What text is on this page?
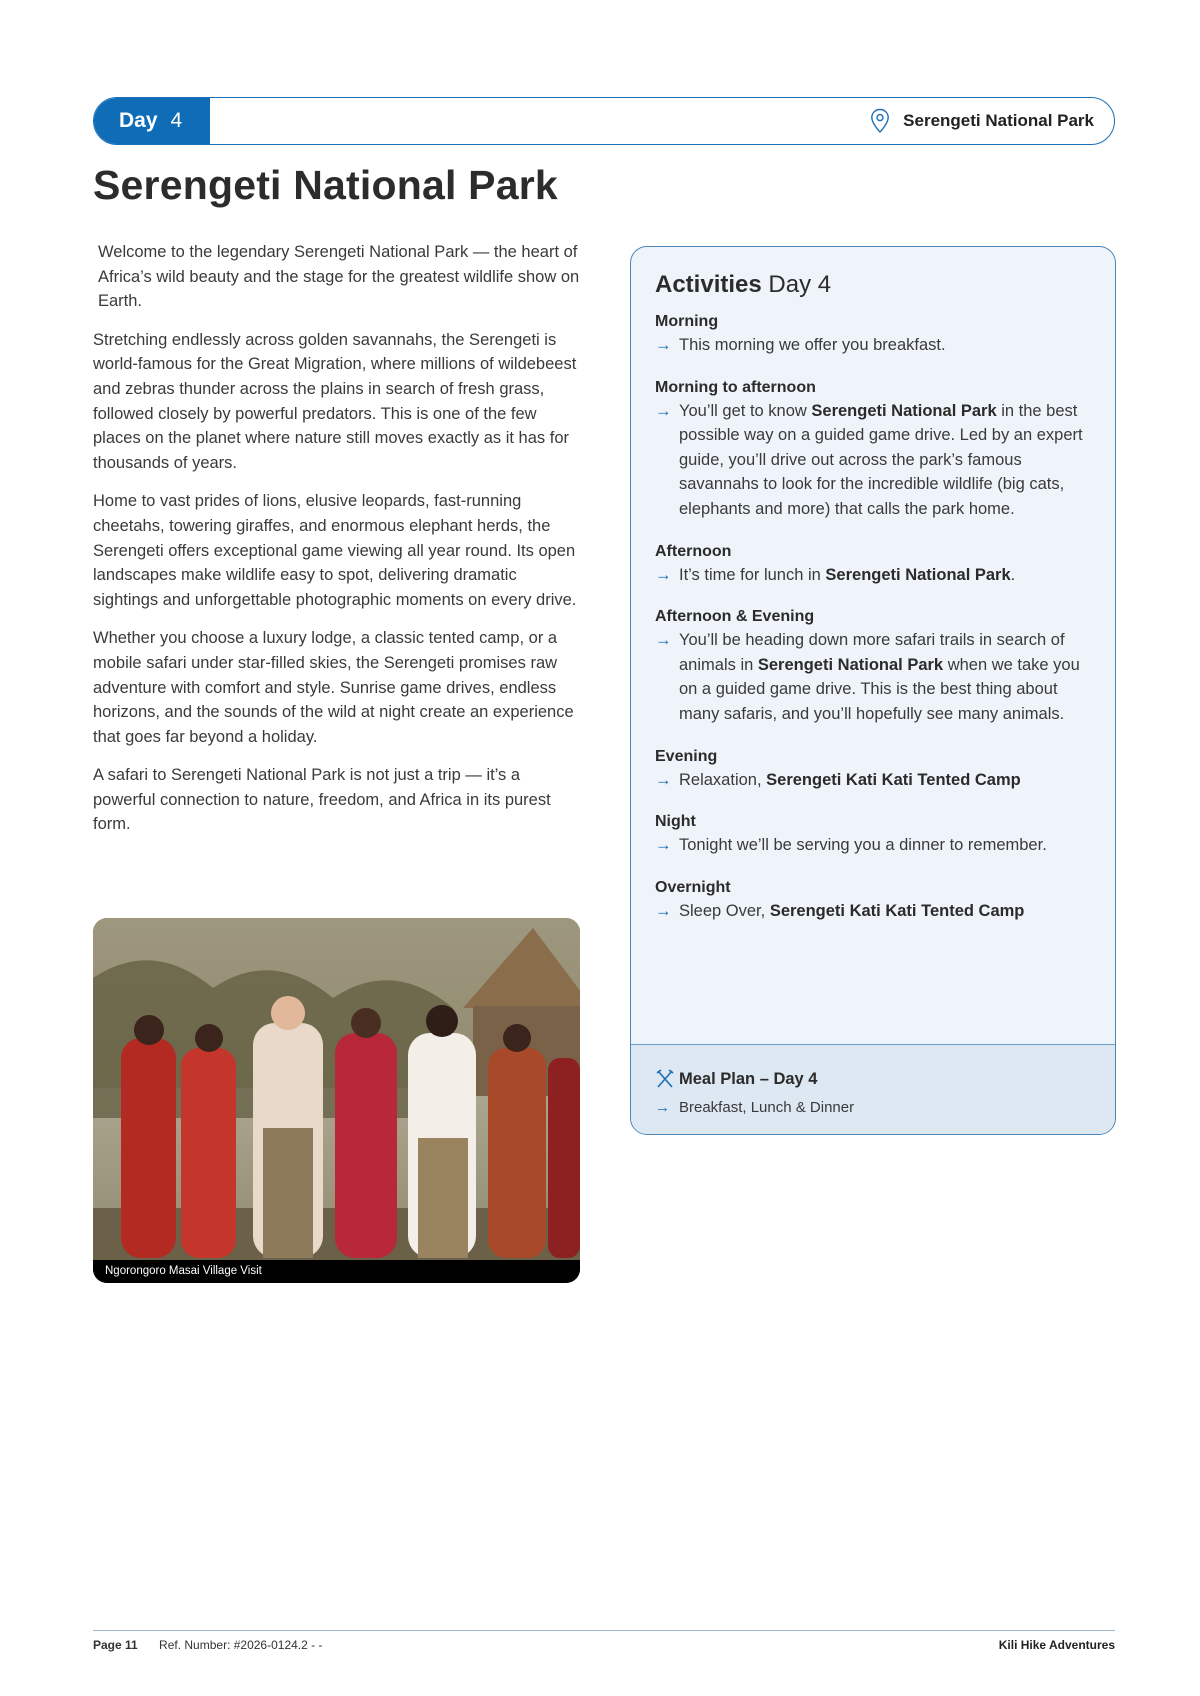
Day 4	Serengeti National Park
Serengeti National Park

Welcome to the legendary Serengeti National Park — the heart of Africa’s wild beauty and the stage for the greatest wildlife show on Earth.

Stretching endlessly across golden savannahs, the Serengeti is world-famous for the Great Migration, where millions of wildebeest and zebras thunder across the plains in search of fresh grass, followed closely by powerful predators. This is one of the few places on the planet where nature still moves exactly as it has for thousands of years.

Home to vast prides of lions, elusive leopards, fast-running cheetahs, towering giraffes, and enormous elephant herds, the Serengeti offers exceptional game viewing all year round. Its open landscapes make wildlife easy to spot, delivering dramatic sightings and unforgettable photographic moments on every drive.

Whether you choose a luxury lodge, a classic tented camp, or a mobile safari under star-filled skies, the Serengeti promises raw adventure with comfort and style. Sunrise game drives, endless horizons, and the sounds of the wild at night create an experience that goes far beyond a holiday.

A safari to Serengeti National Park is not just a trip — it’s a powerful connection to nature, freedom, and Africa in its purest form.

Ngorongoro Masai Village Visit
Activities Day 4
Morning
→ This morning we offer you breakfast.
Morning to afternoon
→ You’ll get to know Serengeti National Park in the best possible way on a guided game drive. Led by an expert guide, you’ll drive out across the park’s famous savannahs to look for the incredible wildlife (big cats, elephants and more) that calls the park home.
Afternoon
→ It’s time for lunch in Serengeti National Park.
Afternoon & Evening
→ You’ll be heading down more safari trails in search of animals in Serengeti National Park when we take you on a guided game drive. This is the best thing about many safaris, and you’ll hopefully see many animals.
Evening
→ Relaxation, Serengeti Kati Kati Tented Camp
Night
→ Tonight we’ll be serving you a dinner to remember.
Overnight
→ Sleep Over, Serengeti Kati Kati Tented Camp
Meal Plan – Day 4
→ Breakfast, Lunch & Dinner
Page 11 Ref. Number: #2026-0124.2 - -	Kili Hike Adventures
